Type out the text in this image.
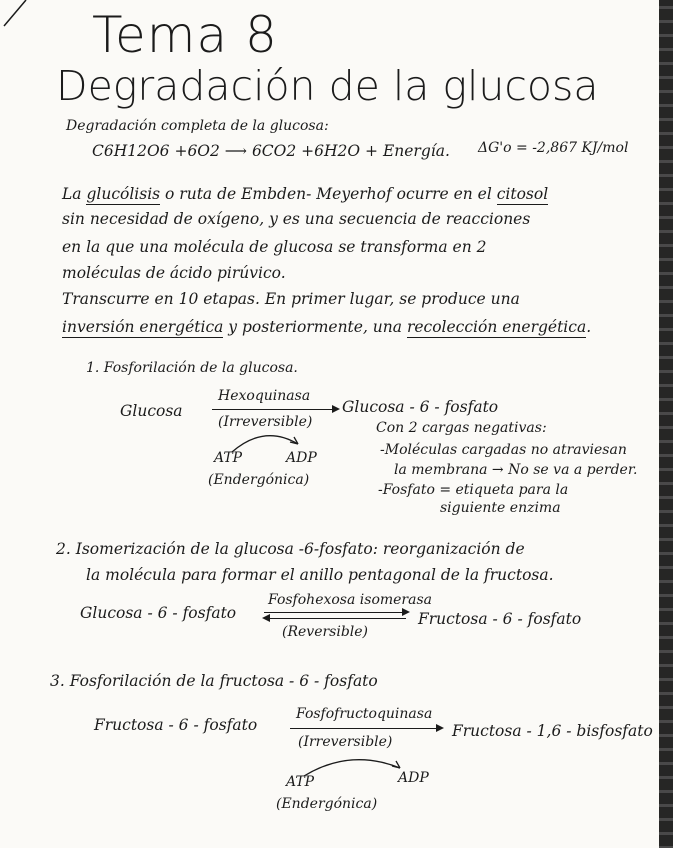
Tema 8
Degradación de la glucosa
Degradación completa de la glucosa:
C6H12O6 +6O2 ⟶ 6CO2 +6H2O + Energía. ΔG'o = -2,867 KJ/mol
La glucólisis o ruta de Embden- Meyerhof ocurre en el citosol
sin necesidad de oxígeno, y es una secuencia de reacciones
en la que una molécula de glucosa se transforma en 2
moléculas de ácido pirúvico.
Transcurre en 10 etapas. En primer lugar, se produce una
inversión energética y posteriormente, una recolección energética.
1. Fosforilación de la glucosa.
Glucosa
Hexoquinasa
(Irreversible)
Glucosa - 6 - fosfato
ATP	ADP
(Endergónica)
Con 2 cargas negativas:
-Moléculas cargadas no atraviesan
la membrana → No se va a perder.
-Fosfato = etiqueta para la
siguiente enzima
2. Isomerización de la glucosa -6-fosfato: reorganización de
la molécula para formar el anillo pentagonal de la fructosa.
Glucosa - 6 - fosfato
Fosfohexosa isomerasa
(Reversible)
Fructosa - 6 - fosfato
3. Fosforilación de la fructosa - 6 - fosfato
Fructosa - 6 - fosfato
Fosfofructoquinasa
(Irreversible)
Fructosa - 1,6 - bisfosfato
ATP	ADP
(Endergónica)
